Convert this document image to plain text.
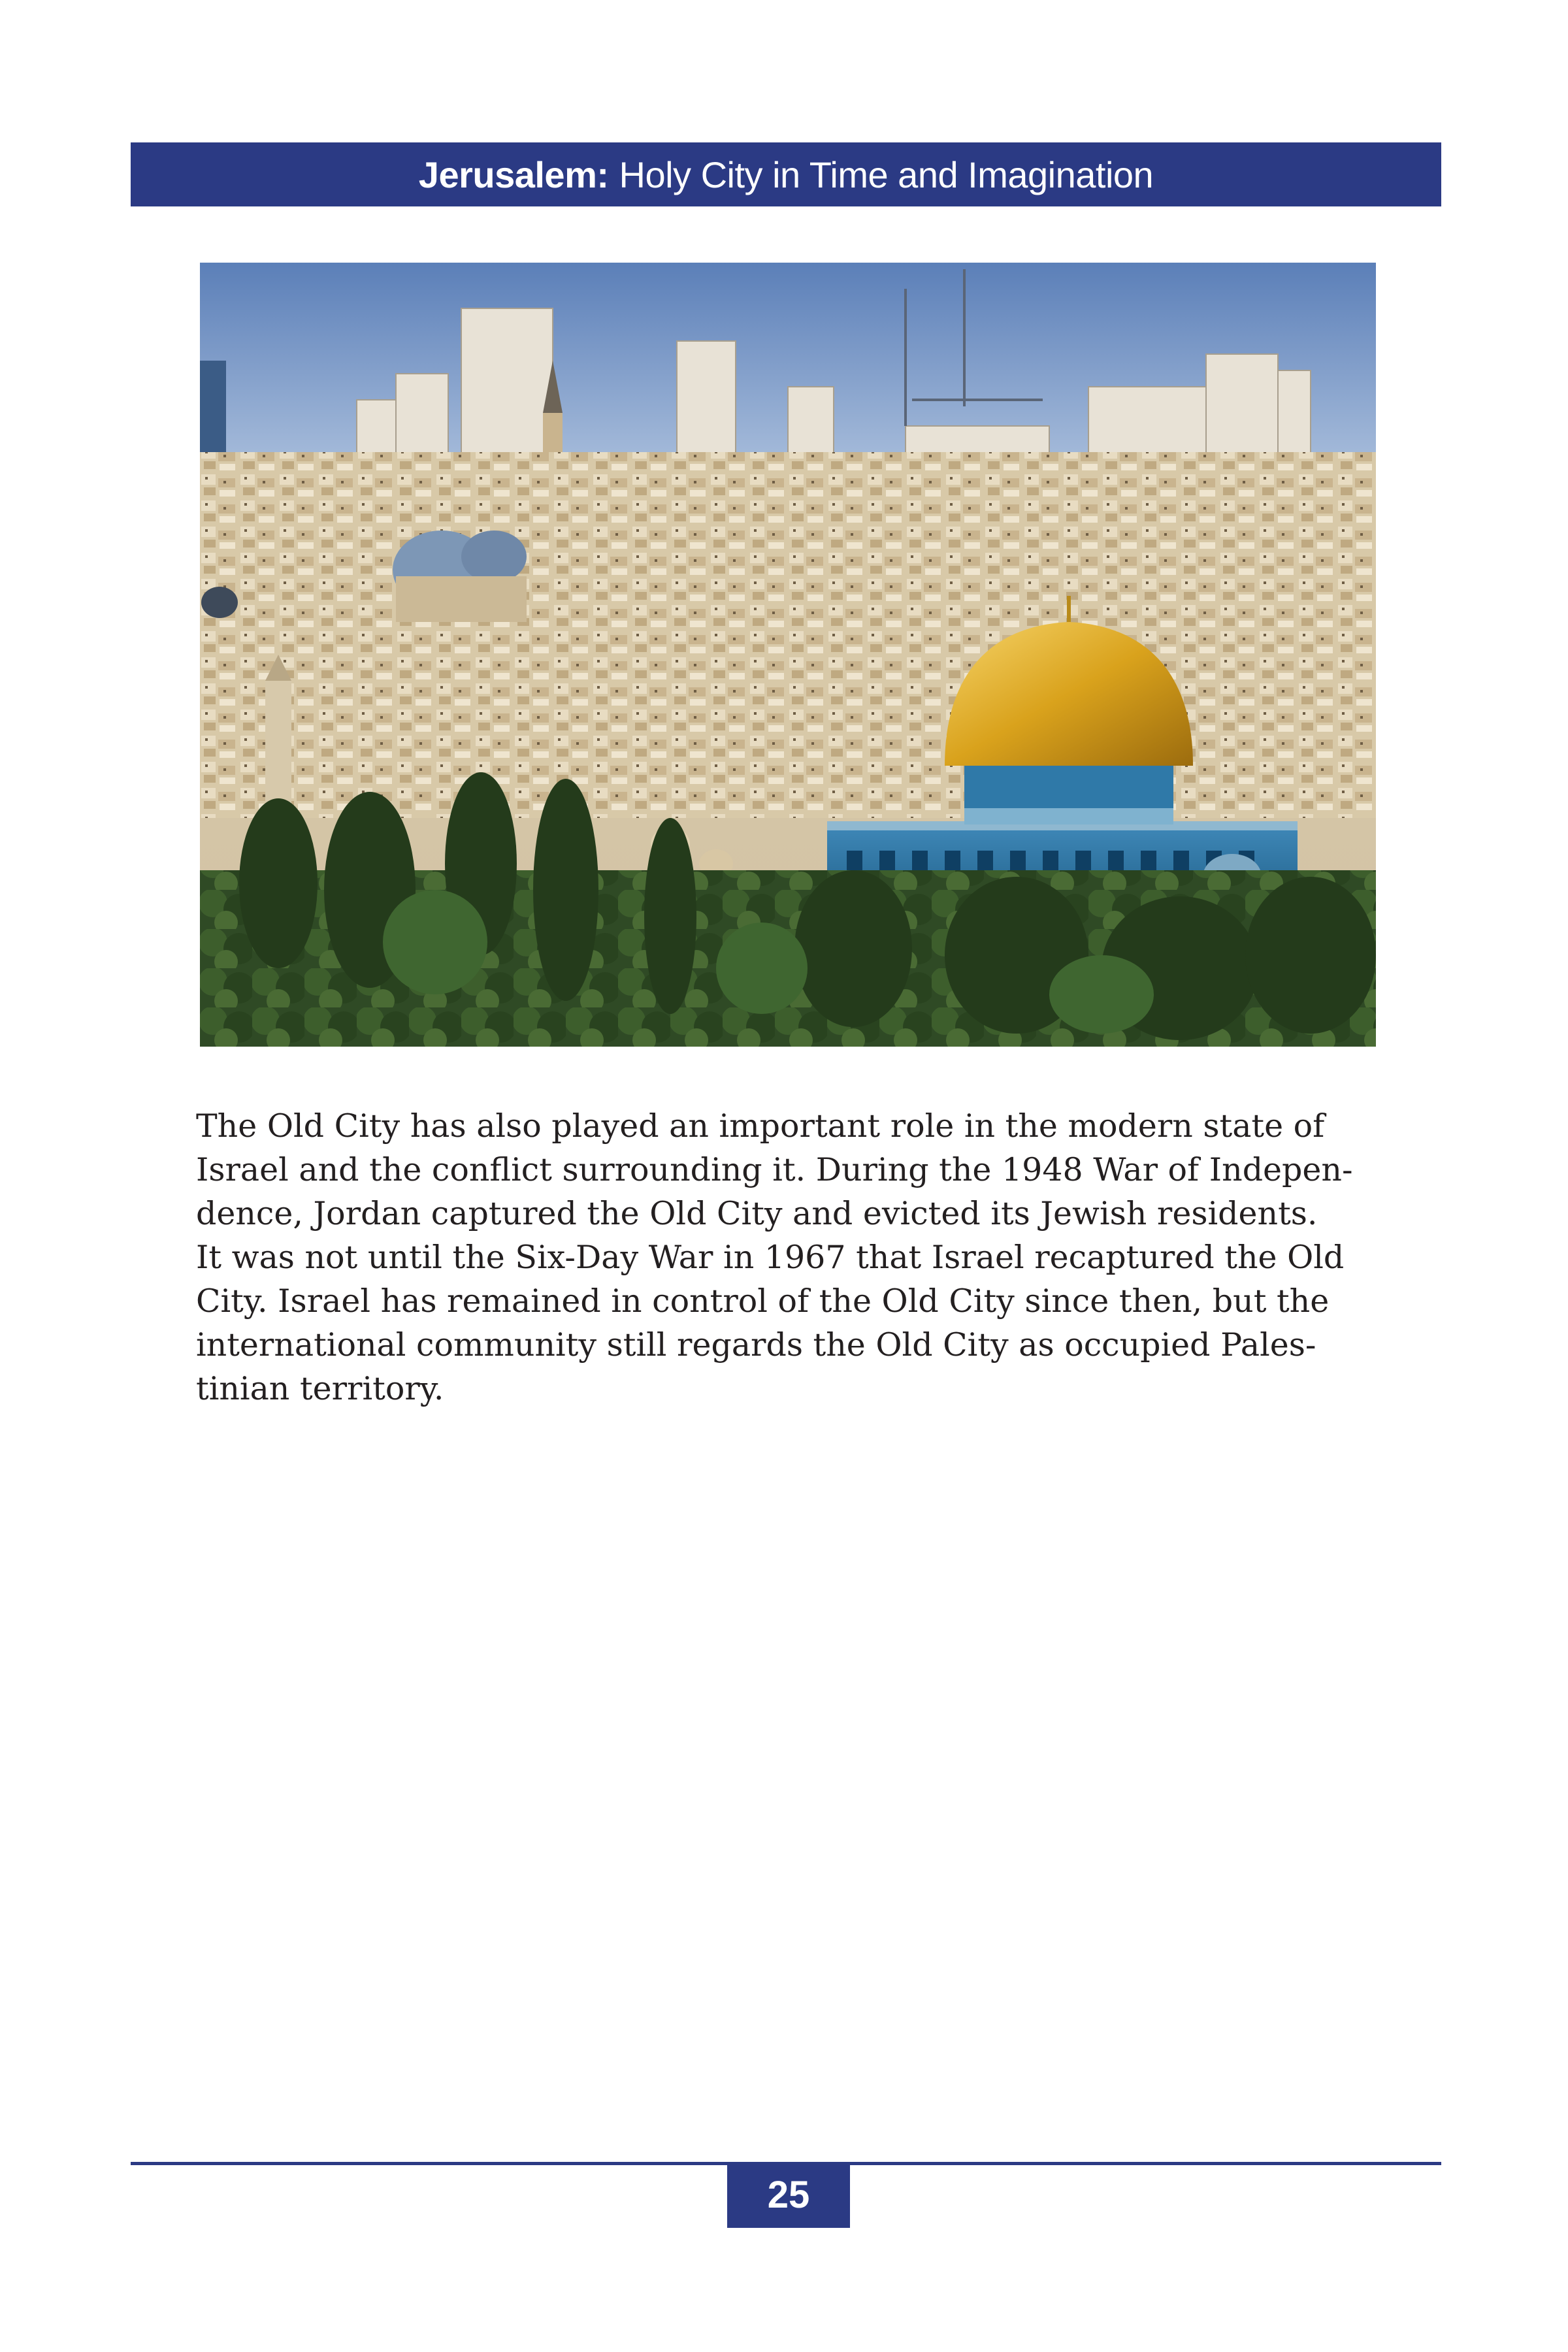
Jerusalem: Holy City in Time and Imagination

The Old City has also played an important role in the modern state of
Israel and the conflict surrounding it. During the 1948 War of Indepen-
dence, Jordan captured the Old City and evicted its Jewish residents.
It was not until the Six-Day War in 1967 that Israel recaptured the Old
City. Israel has remained in control of the Old City since then, but the
international community still regards the Old City as occupied Pales-
tinian territory.

25
